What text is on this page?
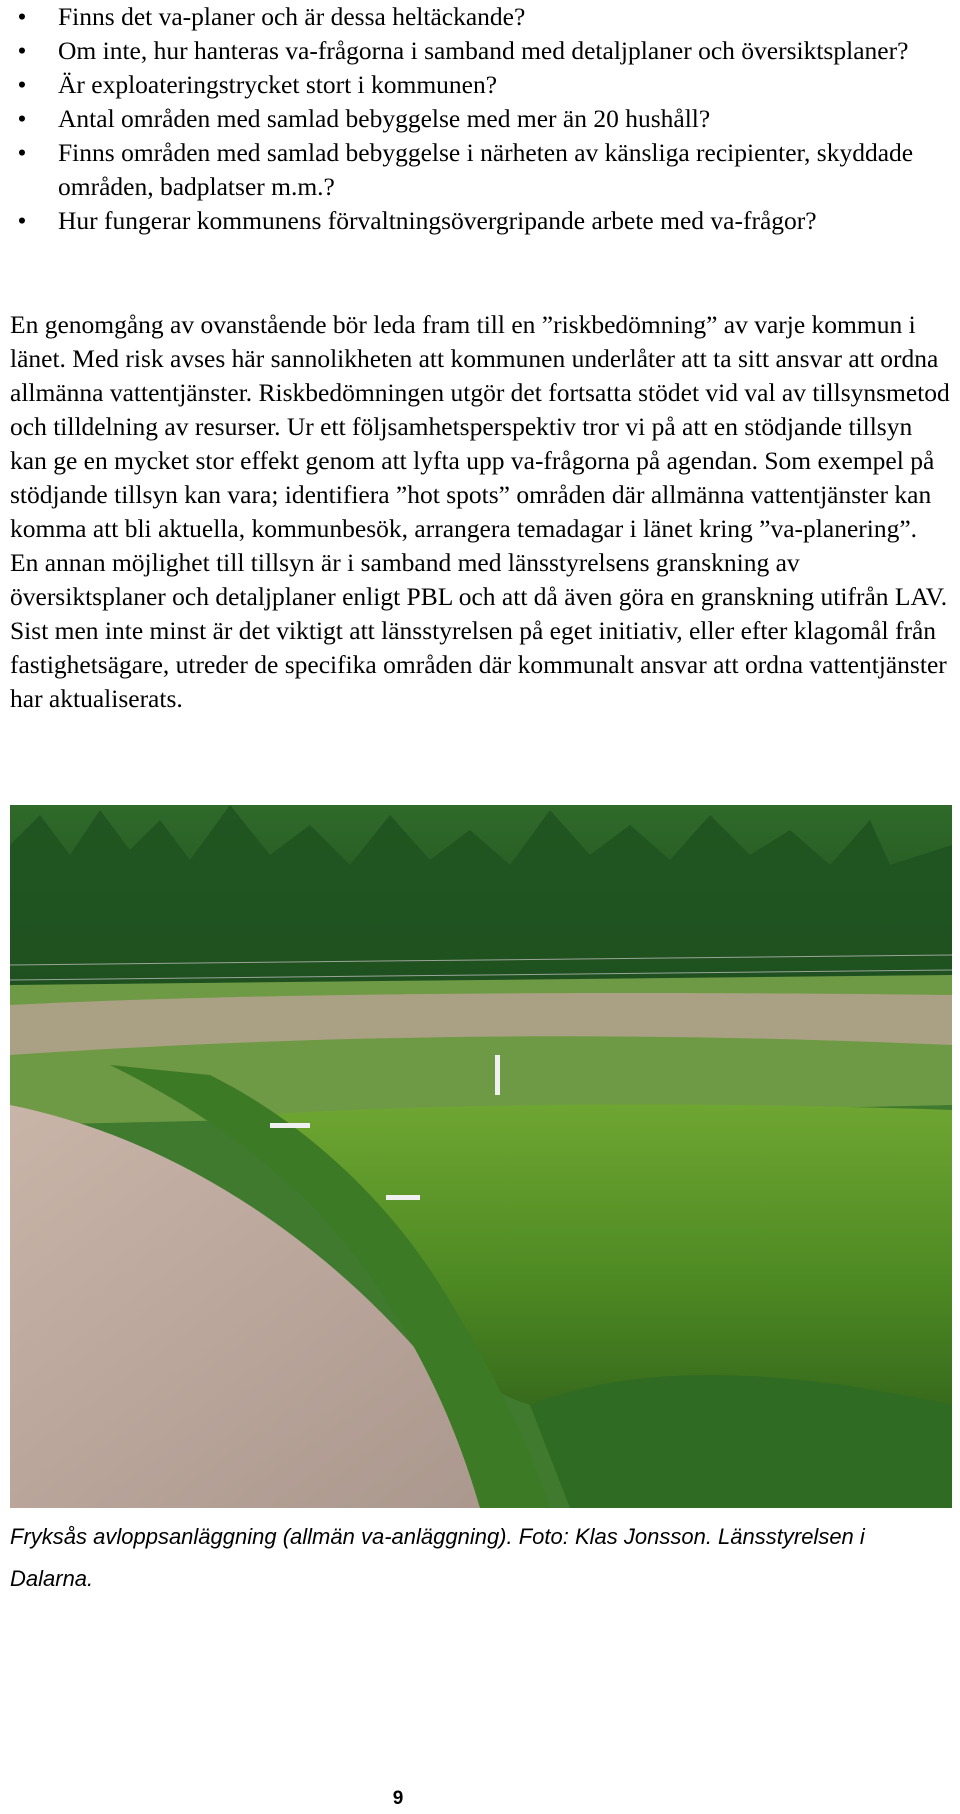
• Finns det va-planer och är dessa heltäckande?
• Om inte, hur hanteras va-frågorna i samband med detaljplaner och översiktsplaner?
• Är exploateringstrycket stort i kommunen?
• Antal områden med samlad bebyggelse med mer än 20 hushåll?
• Finns områden med samlad bebyggelse i närheten av känsliga recipienter, skyddade områden, badplatser m.m.?
• Hur fungerar kommunens förvaltningsövergripande arbete med va-frågor?

En genomgång av ovanstående bör leda fram till en ”riskbedömning” av varje kommun i länet. Med risk avses här sannolikheten att kommunen underlåter att ta sitt ansvar att ordna allmänna vattentjänster. Riskbedömningen utgör det fortsatta stödet vid val av tillsynsmetod och tilldelning av resurser. Ur ett följsamhetsperspektiv tror vi på att en stödjande tillsyn kan ge en mycket stor effekt genom att lyfta upp va-frågorna på agendan. Som exempel på stödjande tillsyn kan vara; identifiera ”hot spots” områden där allmänna vattentjänster kan komma att bli aktuella, kommunbesök, arrangera temadagar i länet kring ”va-planering”. En annan möjlighet till tillsyn är i samband med länsstyrelsens granskning av översiktsplaner och detaljplaner enligt PBL och att då även göra en granskning utifrån LAV. Sist men inte minst är det viktigt att länsstyrelsen på eget initiativ, eller efter klagomål från fastighetsägare, utreder de specifika områden där kommunalt ansvar att ordna vattentjänster har aktualiserats.

Fryksås avloppsanläggning (allmän va-anläggning). Foto: Klas Jonsson. Länsstyrelsen i Dalarna.

9
